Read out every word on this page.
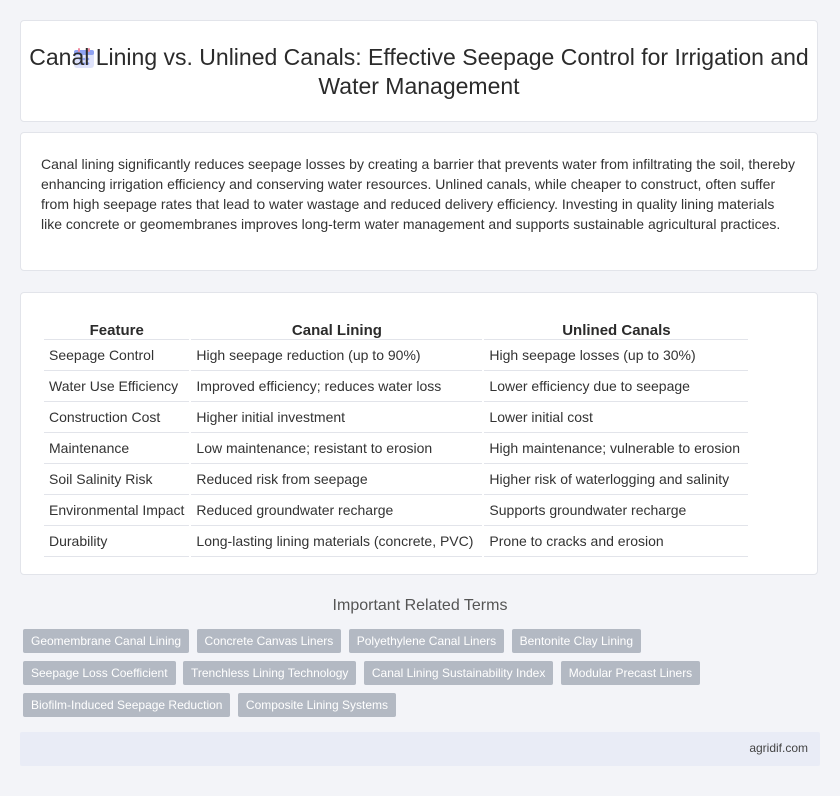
Canal Lining vs. Unlined Canals: Effective Seepage Control for Irrigation and Water Management
Canal lining significantly reduces seepage losses by creating a barrier that prevents water from infiltrating the soil, thereby enhancing irrigation efficiency and conserving water resources. Unlined canals, while cheaper to construct, often suffer from high seepage rates that lead to water wastage and reduced delivery efficiency. Investing in quality lining materials like concrete or geomembranes improves long-term water management and supports sustainable agricultural practices.
Feature	Canal Lining	Unlined Canals
Seepage Control	High seepage reduction (up to 90%)	High seepage losses (up to 30%)
Water Use Efficiency	Improved efficiency; reduces water loss	Lower efficiency due to seepage
Construction Cost	Higher initial investment	Lower initial cost
Maintenance	Low maintenance; resistant to erosion	High maintenance; vulnerable to erosion
Soil Salinity Risk	Reduced risk from seepage	Higher risk of waterlogging and salinity
Environmental Impact	Reduced groundwater recharge	Supports groundwater recharge
Durability	Long-lasting lining materials (concrete, PVC)	Prone to cracks and erosion
Important Related Terms
Geomembrane Canal Lining Concrete Canvas Liners Polyethylene Canal Liners Bentonite Clay Lining Seepage Loss Coefficient Trenchless Lining Technology Canal Lining Sustainability Index Modular Precast Liners Biofilm-Induced Seepage Reduction Composite Lining Systems
agridif.com
